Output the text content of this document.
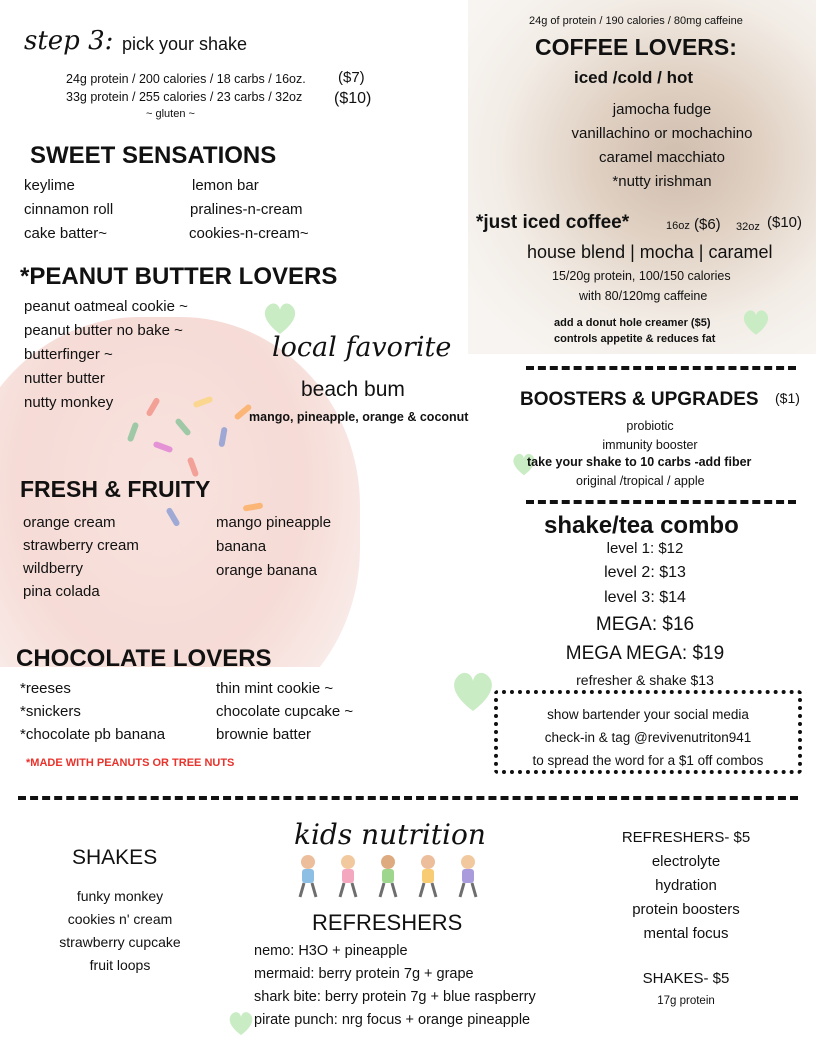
step 3: pick your shake
24g protein / 200 calories / 18 carbs / 16oz. ($7)
33g protein / 255 calories / 23 carbs / 32oz ($10)
~ gluten ~
SWEET SENSATIONS
keylime
cinnamon roll
cake batter~
lemon bar
pralines-n-cream
cookies-n-cream~
*PEANUT BUTTER LOVERS
peanut oatmeal cookie ~
peanut butter no bake ~
butterfinger ~
nutter butter
nutty monkey
local favorite
beach bum
mango, pineapple, orange & coconut
FRESH & FRUITY
orange cream
strawberry cream
wildberry
pina colada
mango pineapple
banana
orange banana
CHOCOLATE LOVERS
*reeses
*snickers
*chocolate pb banana
thin mint cookie ~
chocolate cupcake ~
brownie batter
*MADE WITH PEANUTS OR TREE NUTS
24g of protein / 190 calories / 80mg caffeine
COFFEE LOVERS:
iced /cold / hot
jamocha fudge
vanillachino or mochachino
caramel macchiato
*nutty irishman
*just iced coffee*	16oz ($6) 32oz ($10)
house blend | mocha | caramel
15/20g protein, 100/150 calories
with 80/120mg caffeine
add a donut hole creamer ($5)
controls appetite & reduces fat
BOOSTERS & UPGRADES ($1)
probiotic
immunity booster
take your shake to 10 carbs -add fiber
original /tropical / apple
shake/tea combo
level 1: $12
level 2: $13
level 3: $14
MEGA: $16
MEGA MEGA: $19
refresher & shake $13
show bartender your social media
check-in & tag @revivenutriton941
to spread the word for a $1 off combos
kids nutrition
SHAKES
funky monkey
cookies n' cream
strawberry cupcake
fruit loops
REFRESHERS
nemo: H3O + pineapple
mermaid: berry protein 7g + grape
shark bite: berry protein 7g + blue raspberry
pirate punch: nrg focus + orange pineapple
REFRESHERS- $5
electrolyte
hydration
protein boosters
mental focus
SHAKES- $5
17g protein
